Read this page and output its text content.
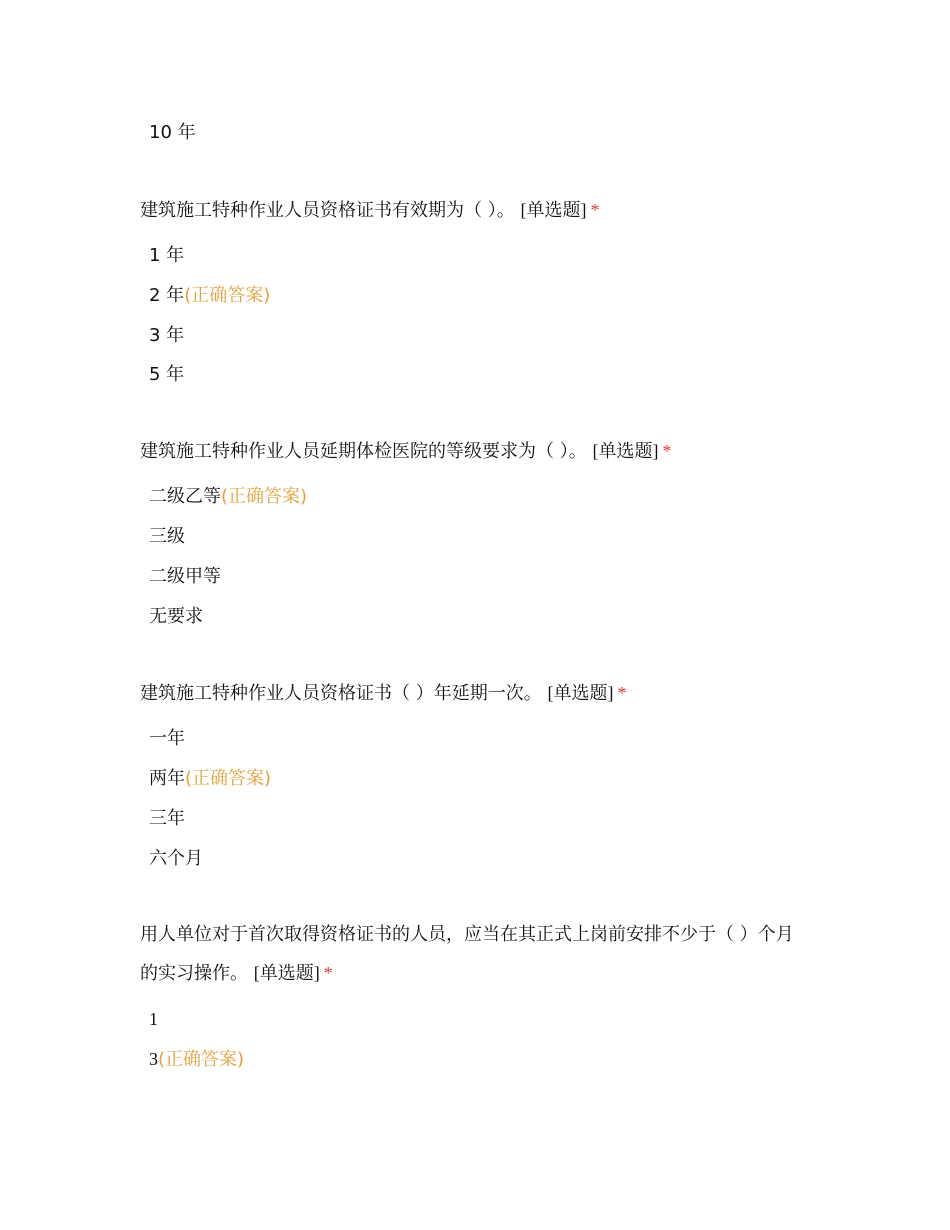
10 年
建筑施工特种作业人员资格证书有效期为（ ）。 [单选题] *
1 年
2 年(正确答案)
3 年
5 年
建筑施工特种作业人员延期体检医院的等级要求为（ ）。 [单选题] *
二级乙等(正确答案)
三级
二级甲等
无要求
建筑施工特种作业人员资格证书（ ）年延期一次。 [单选题] *
一年
两年(正确答案)
三年
六个月
用人单位对于首次取得资格证书的人员，应当在其正式上岗前安排不少于（ ）个月的实习操作。 [单选题] *
1
3(正确答案)
